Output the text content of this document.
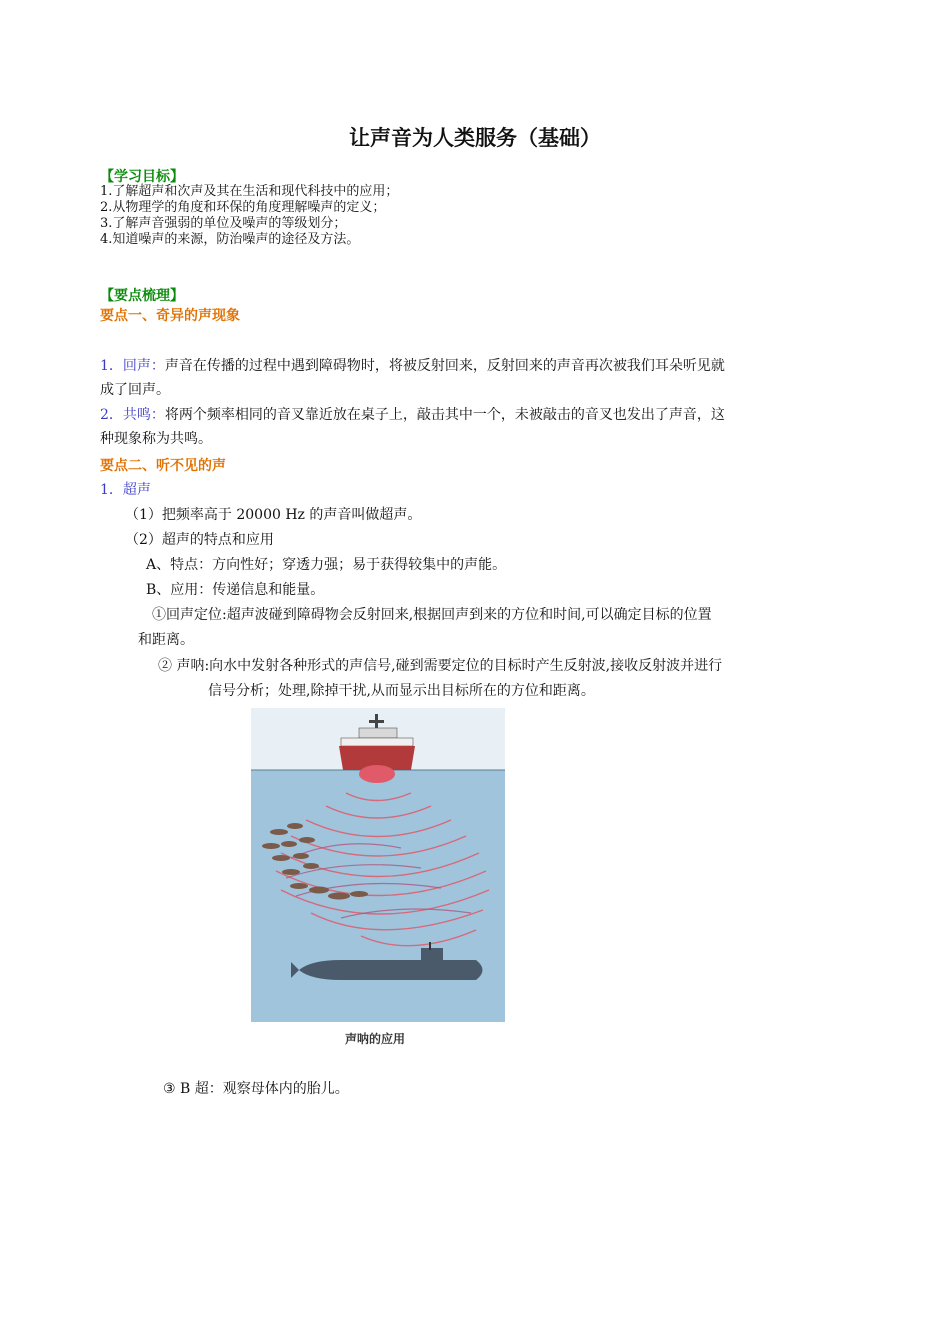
让声音为人类服务（基础）
【学习目标】
1.了解超声和次声及其在生活和现代科技中的应用；
2.从物理学的角度和环保的角度理解噪声的定义；
3.了解声音强弱的单位及噪声的等级划分；
4.知道噪声的来源，防治噪声的途径及方法。
【要点梳理】
要点一、奇异的声现象
1．回声：声音在传播的过程中遇到障碍物时，将被反射回来，反射回来的声音再次被我们耳朵听见就
成了回声。
2．共鸣：将两个频率相同的音叉靠近放在桌子上，敲击其中一个，未被敲击的音叉也发出了声音，这
种现象称为共鸣。
要点二、听不见的声
1．超声
（1）把频率高于 20000 Hz 的声音叫做超声。
（2）超声的特点和应用
A、特点：方向性好；穿透力强；易于获得较集中的声能。
B、应用：传递信息和能量。
①回声定位:超声波碰到障碍物会反射回来,根据回声到来的方位和时间,可以确定目标的位置
和距离。
② 声呐:向水中发射各种形式的声信号,碰到需要定位的目标时产生反射波,接收反射波并进行
信号分析；处理,除掉干扰,从而显示出目标所在的方位和距离。
声呐的应用
③ B 超：观察母体内的胎儿。
